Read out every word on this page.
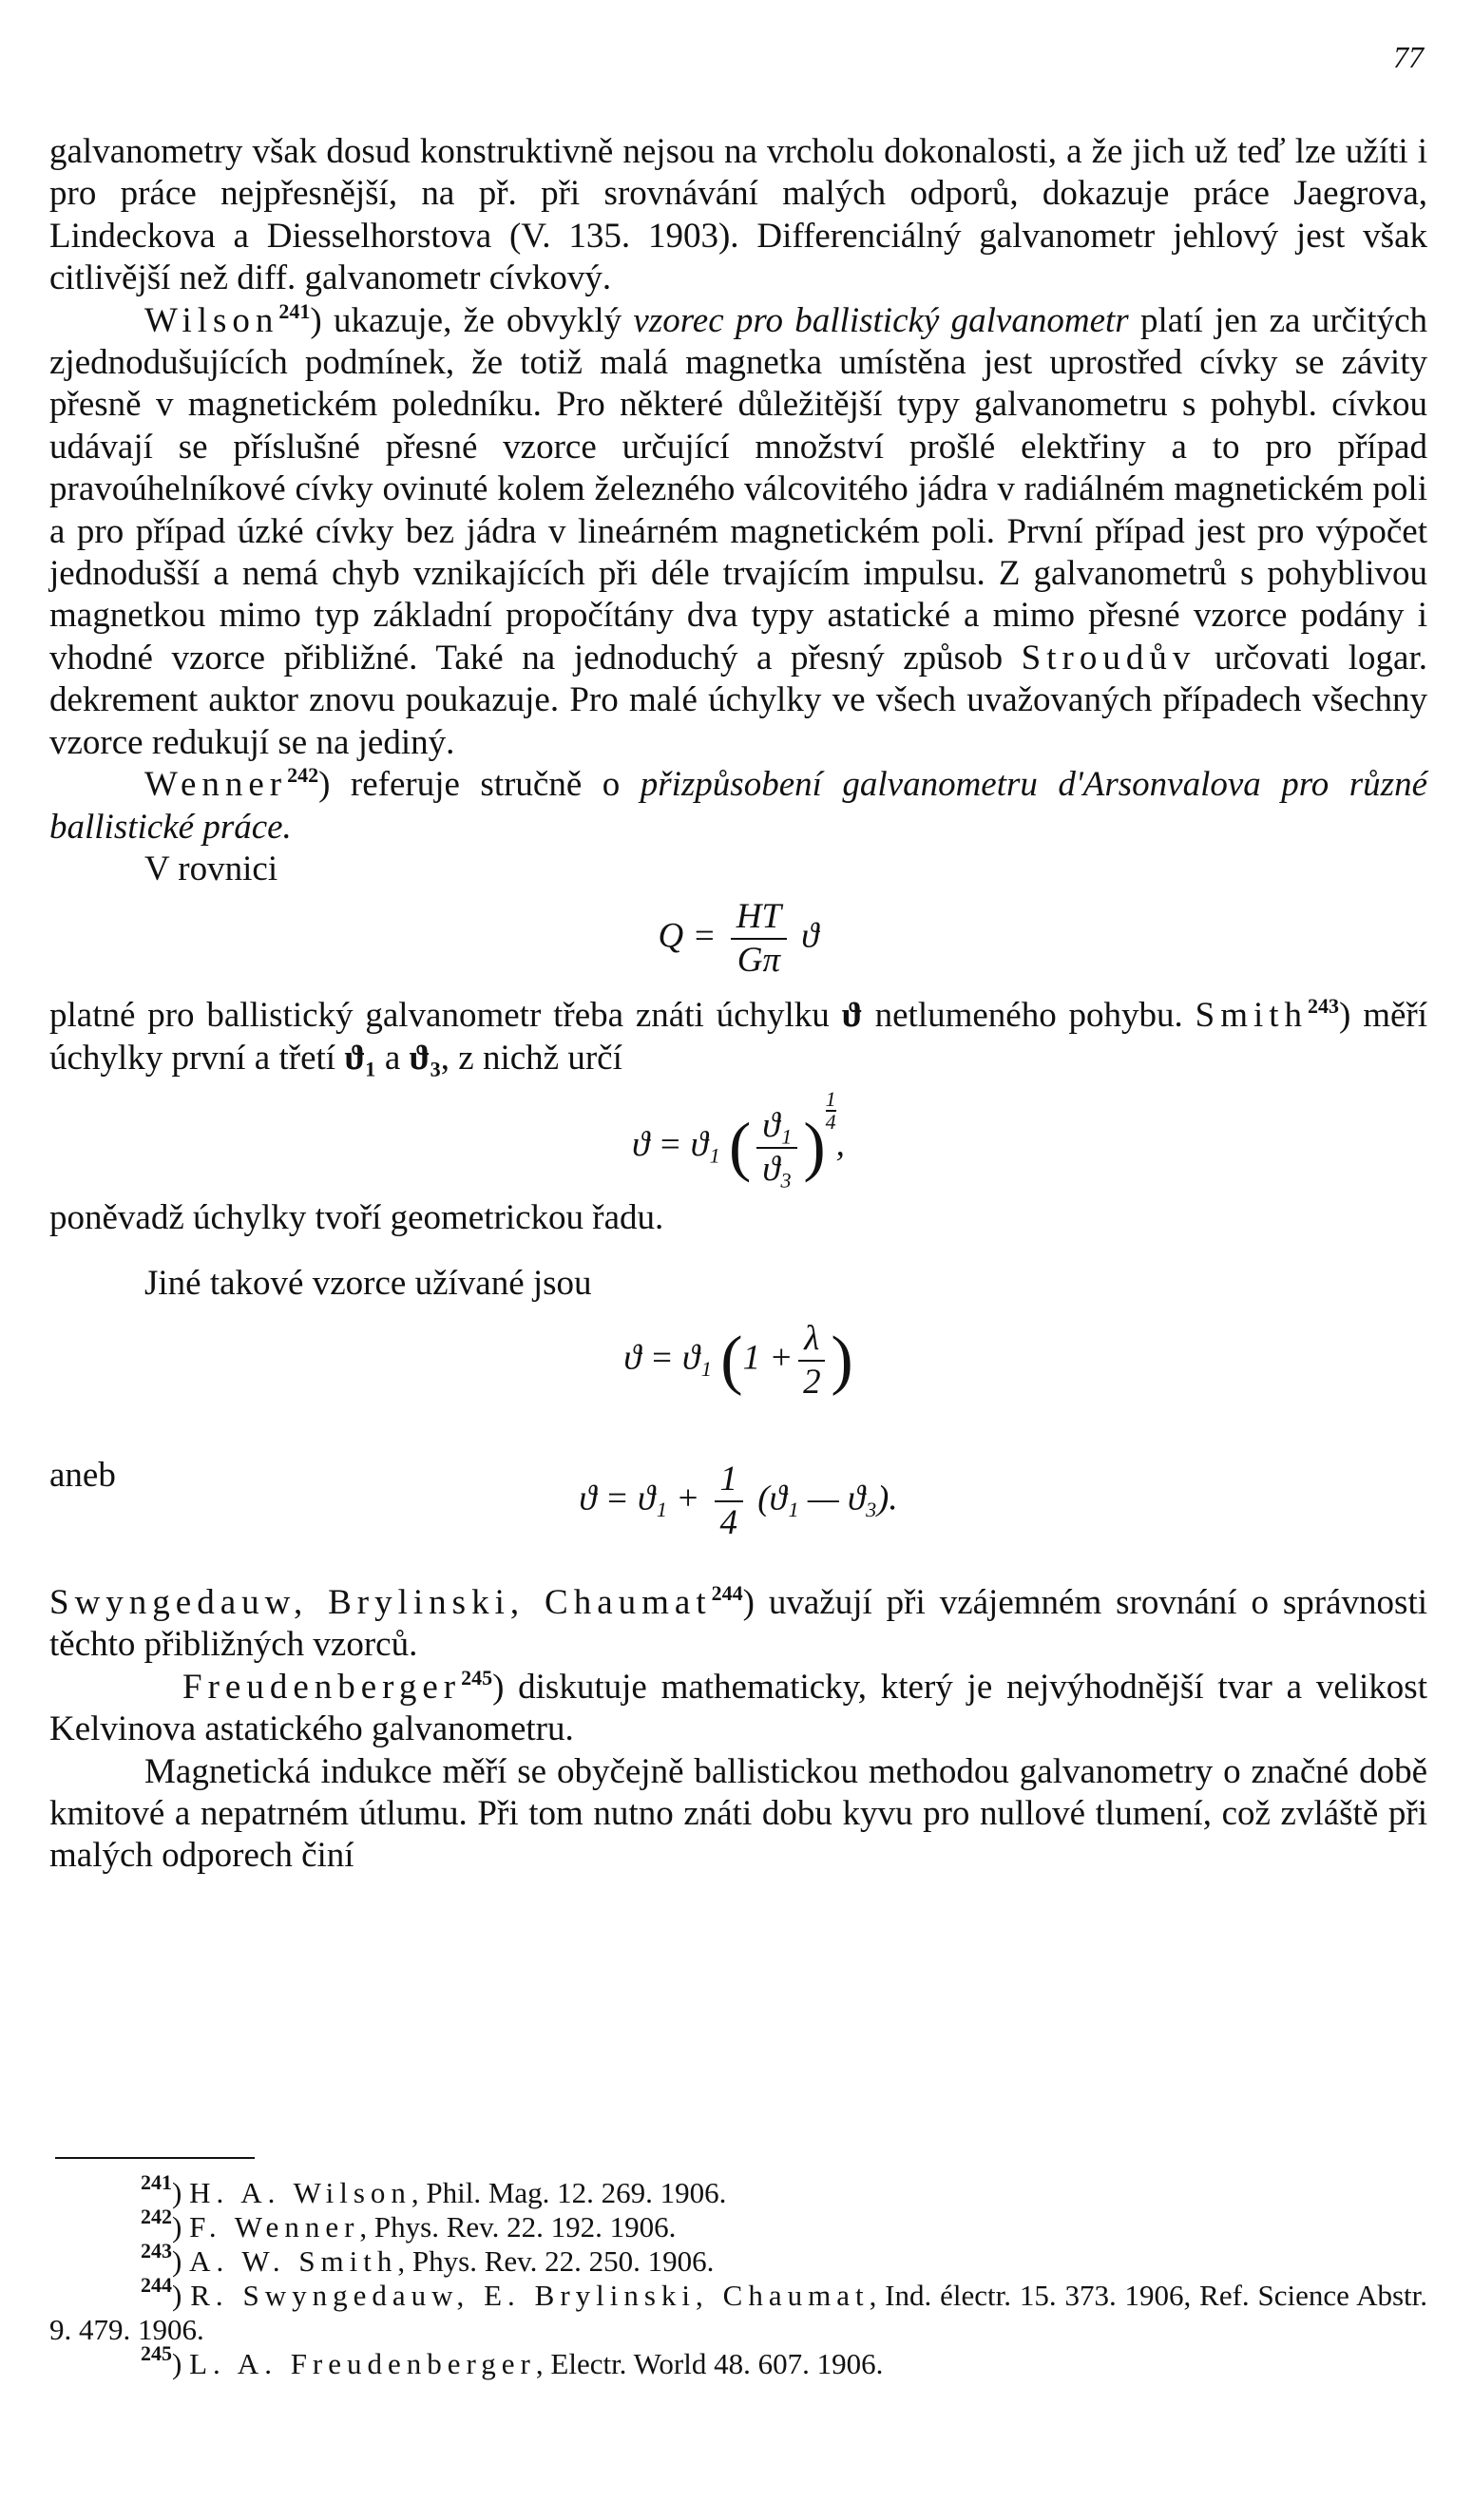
77

galvanometry však dosud konstruktivně nejsou na vrcholu dokonalosti, a že jich už teď lze užíti i pro práce nejpřesnější, na př. při srovnávání malých odporů, dokazuje práce Jaegrova, Lindeckova a Diesselhorstova (V. 135. 1903). Differenciálný galvanometr jehlový jest však citlivější než diff. galvanometr cívkový.

Wilson$^{241}$) ukazuje, že obvyklý vzorec pro ballistický galvanometr platí jen za určitých zjednodušujících podmínek, že totiž malá magnetka umístěna jest uprostřed cívky se závity přesně v magnetickém poledníku. Pro některé důležitější typy galvanometru s pohybl. cívkou udávají se příslušné přesné vzorce určující množství prošlé elektřiny a to pro případ pravoúhelníkové cívky ovinuté kolem železného válcovitého jádra v radiálném magnetickém poli a pro případ úzké cívky bez jádra v lineárném magnetickém poli. První případ jest pro výpočet jednodušší a nemá chyb vznikajících při déle trvajícím impulsu. Z galvanometrů s pohyblivou magnetkou mimo typ základní propočítány dva typy astatické a mimo přesné vzorce podány i vhodné vzorce přibližné. Také na jednoduchý a přesný způsob Stroudův určovati logar. dekrement auktor znovu poukazuje. Pro malé úchylky ve všech uvažovaných případech všechny vzorce redukují se na jediný.

Wenner$^{242}$) referuje stručně o přizpůsobení galvanometru d'Arsonvalova pro různé ballistické práce.

V rovnici

$Q = \frac{HT}{G\pi}$ ϑ

platné pro ballistický galvanometr třeba znáti úchylku ϑ netlumeného pohybu. Smith$^{243}$) měří úchylky první a třetí ϑ₁ a ϑ₃, z nichž určí

ϑ = ϑ₁ ( $\frac{\text{ϑ₁}}{\text{ϑ₃}}$ ) $\frac{1}{4}$
,

poněvadž úchylky tvoří geometrickou řadu.

Jiné takové vzorce užívané jsou

ϑ = ϑ₁ ($1 + \frac{\lambda}{2}$ )
aneb
$ϑ = ϑ_1 + \frac{1}{4} (ϑ_1$ — ϑ₃).

Swyngedauw, Brylinski, Chaumat$^{244}$) uvažují při vzájemném srovnání o správnosti těchto přibližných vzorců.

Freudenberger$^{245}$) diskutuje mathematicky, který je nejvýhodnější tvar a velikost Kelvinova astatického galvanometru.

Magnetická indukce měří se obyčejně ballistickou methodou galvanometry o značné době kmitové a nepatrném útlumu. Při tom nutno znáti dobu kyvu pro nullové tlumení, což zvláště při malých odporech činí

$^{241}$) H. A. Wilson, Phil. Mag. 12. 269. 1906.

$^{242}$) F. Wenner, Phys. Rev. 22. 192. 1906.

$^{243}$) A. W. Smith, Phys. Rev. 22. 250. 1906.

$^{244}$) R. Swyngedauw, E. Brylinski, Chaumat, Ind. électr. 15. 373. 1906, Ref. Science Abstr. 9. 479. 1906.

$^{245}$) L. A. Freudenberger, Electr. World 48. 607. 1906.
